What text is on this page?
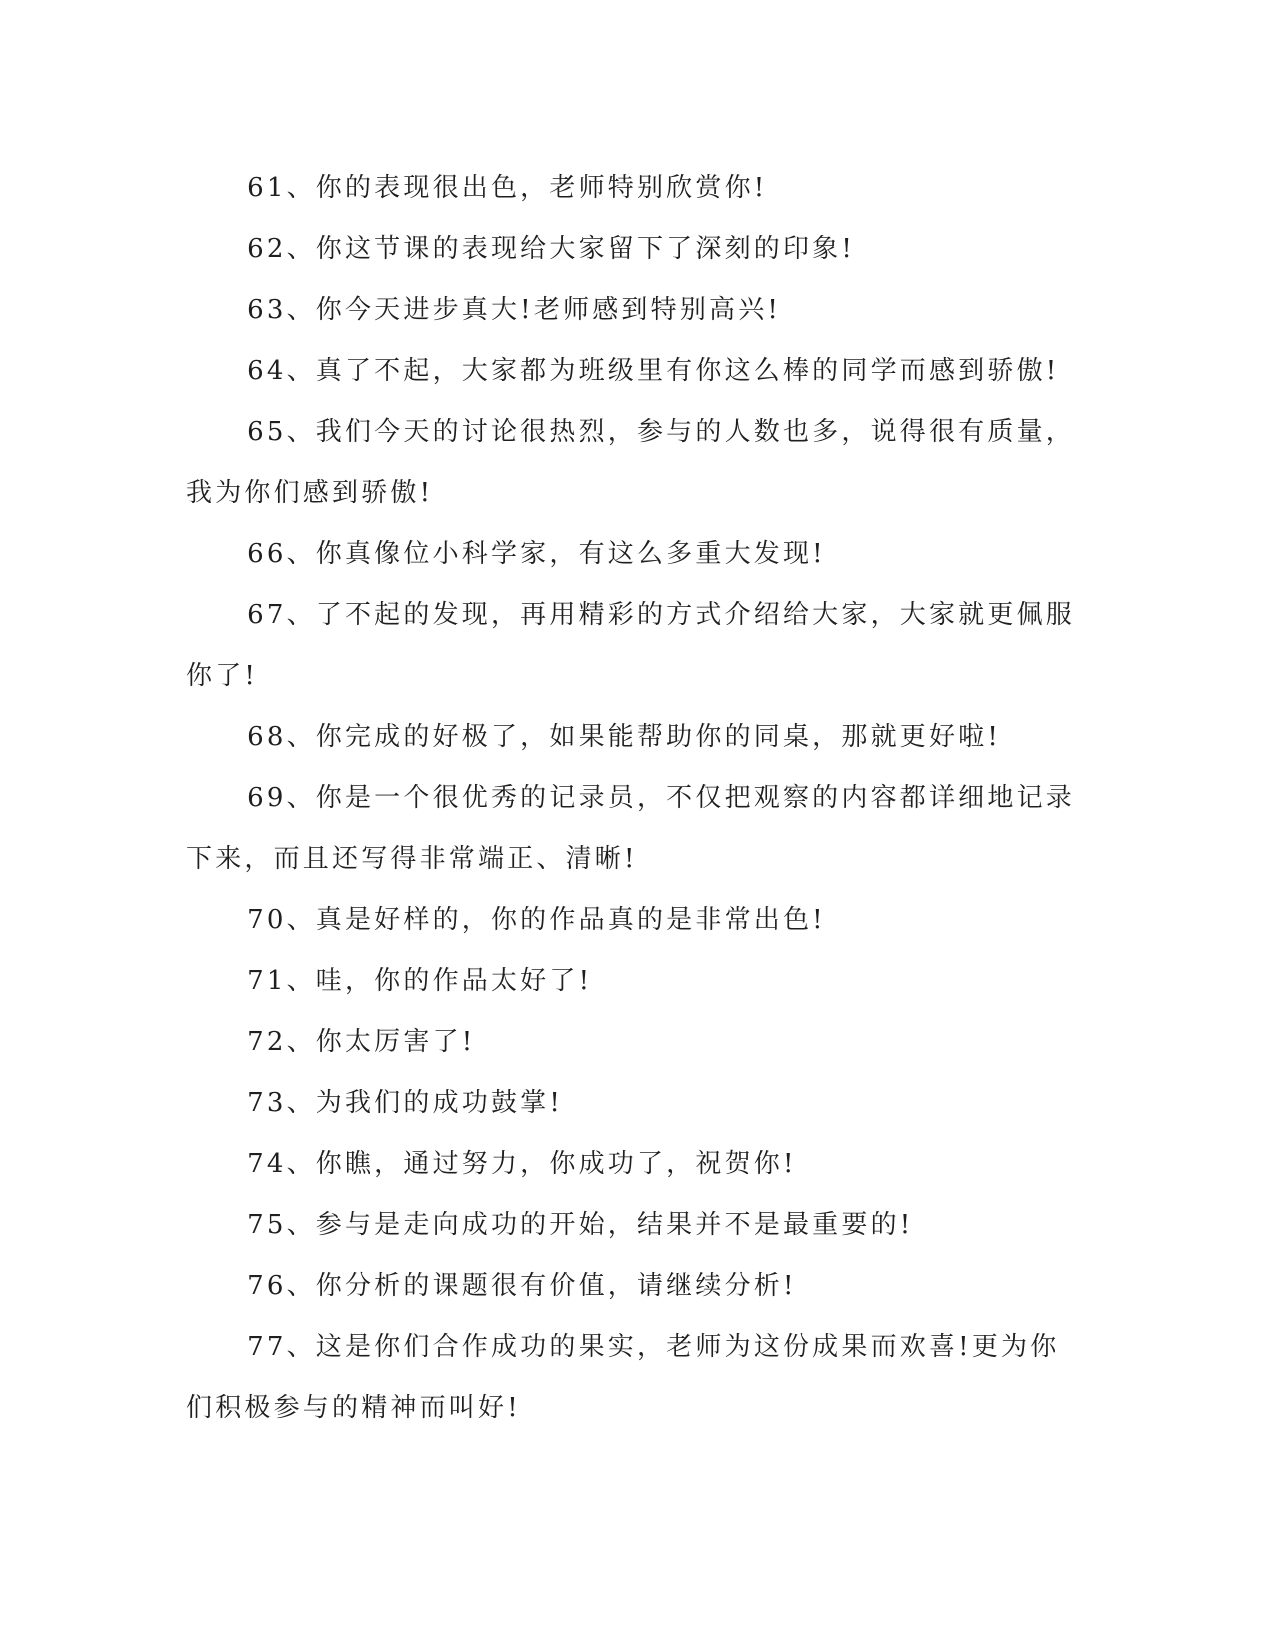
61、你的表现很出色，老师特别欣赏你!

62、你这节课的表现给大家留下了深刻的印象!

63、你今天进步真大!老师感到特别高兴!

64、真了不起，大家都为班级里有你这么棒的同学而感到骄傲!

65、我们今天的讨论很热烈，参与的人数也多，说得很有质量，我为你们感到骄傲!

66、你真像位小科学家，有这么多重大发现!

67、了不起的发现，再用精彩的方式介绍给大家，大家就更佩服你了!

68、你完成的好极了，如果能帮助你的同桌，那就更好啦!

69、你是一个很优秀的记录员，不仅把观察的内容都详细地记录下来，而且还写得非常端正、清晰!

70、真是好样的，你的作品真的是非常出色!

71、哇，你的作品太好了!

72、你太厉害了!

73、为我们的成功鼓掌!

74、你瞧，通过努力，你成功了，祝贺你!

75、参与是走向成功的开始，结果并不是最重要的!

76、你分析的课题很有价值，请继续分析!

77、这是你们合作成功的果实，老师为这份成果而欢喜!更为你们积极参与的精神而叫好!
